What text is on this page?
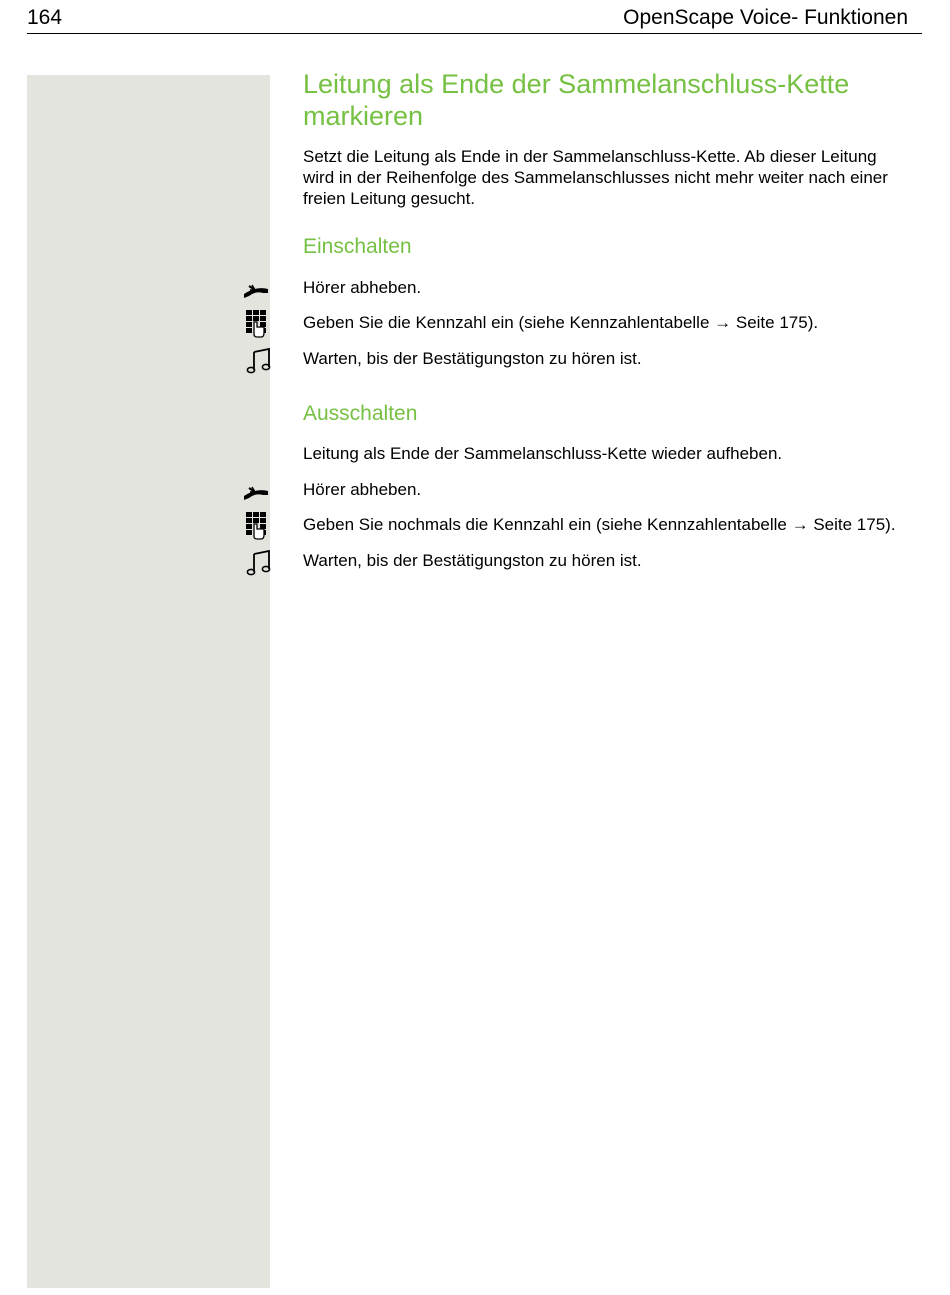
164	OpenScape Voice- Funktionen
Leitung als Ende der Sammelanschluss-Kette
markieren

Setzt die Leitung als Ende in der Sammelanschluss-Kette. Ab dieser Leitung
wird in der Reihenfolge des Sammelanschlusses nicht mehr weiter nach einer
freien Leitung gesucht.

Einschalten
Hörer abheben.
Geben Sie die Kennzahl ein (siehe Kennzahlentabelle → Seite 175).
Warten, bis der Bestätigungston zu hören ist.
Ausschalten
Leitung als Ende der Sammelanschluss-Kette wieder aufheben.
Hörer abheben.
Geben Sie nochmals die Kennzahl ein (siehe Kennzahlentabelle → Seite 175).
Warten, bis der Bestätigungston zu hören ist.
